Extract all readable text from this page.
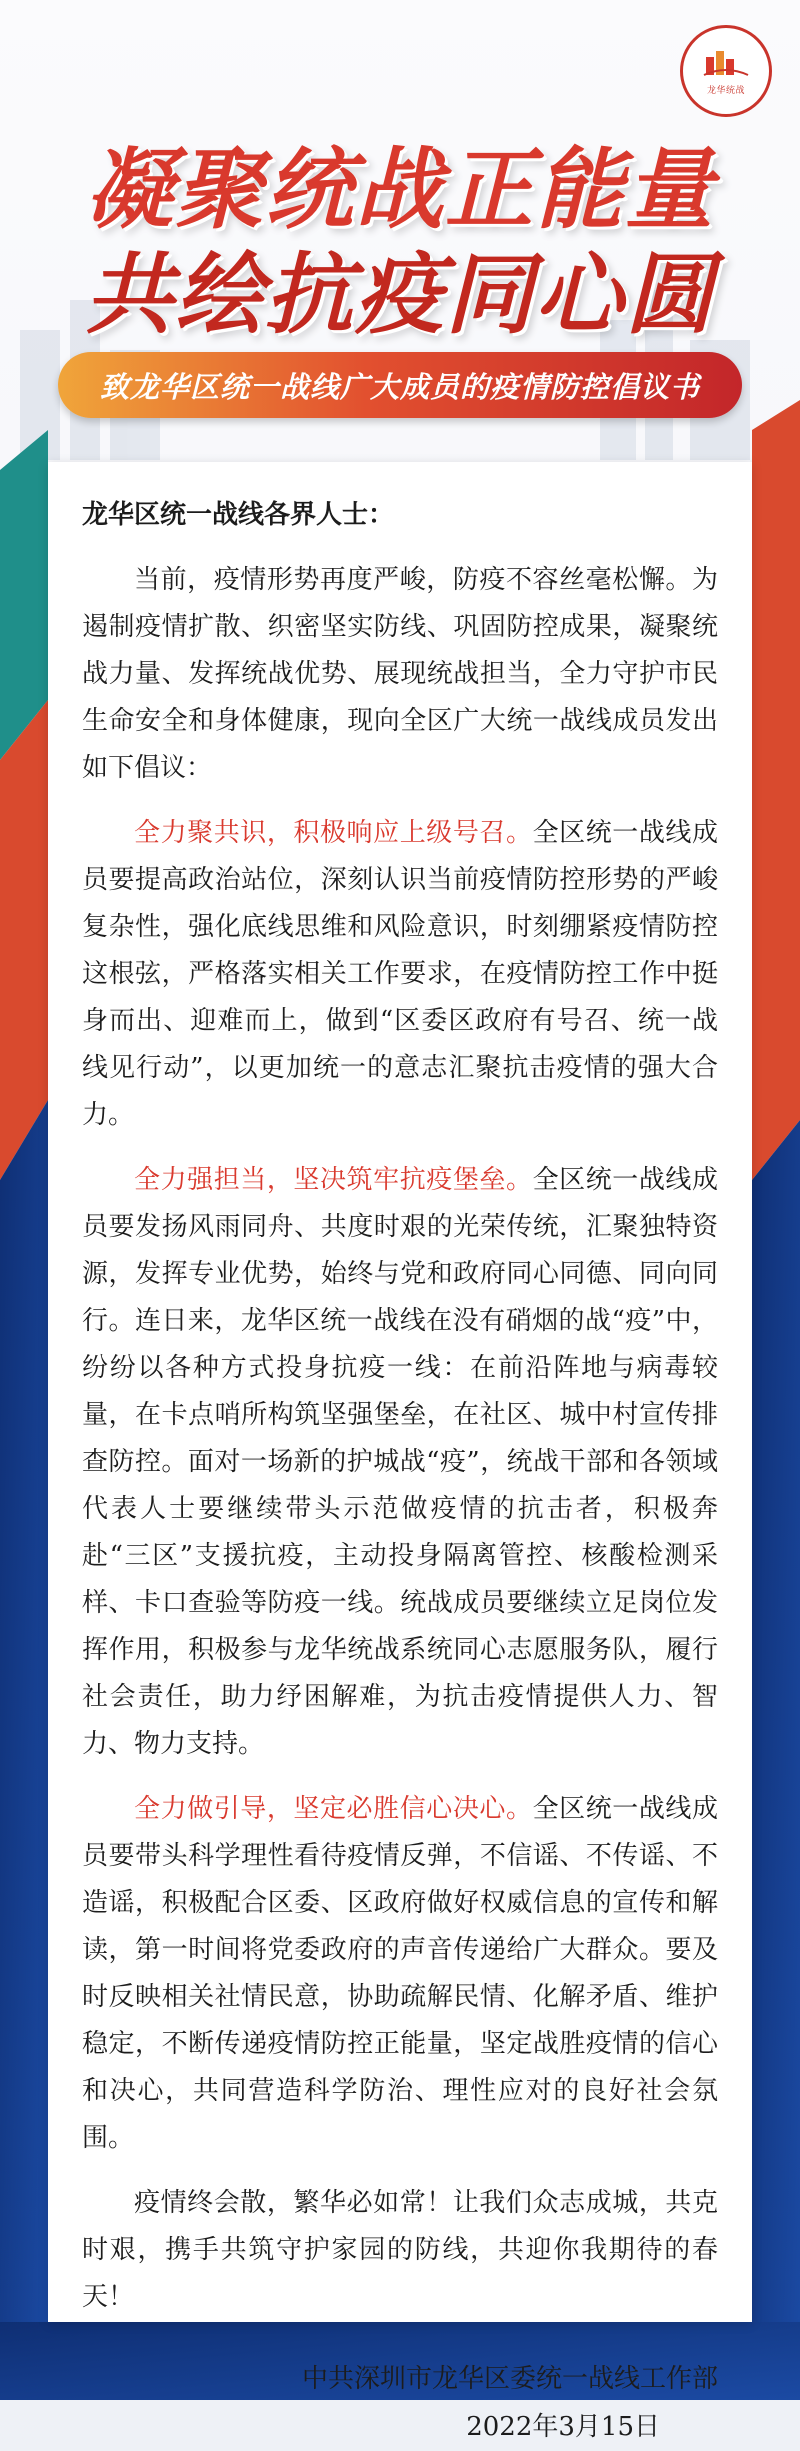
龙华统战
凝聚统战正能量
共绘抗疫同心圆
致龙华区统一战线广大成员的疫情防控倡议书

龙华区统一战线各界人士：

当前，疫情形势再度严峻，防疫不容丝毫松懈。为遏制疫情扩散、织密坚实防线、巩固防控成果，凝聚统战力量、发挥统战优势、展现统战担当，全力守护市民生命安全和身体健康，现向全区广大统一战线成员发出如下倡议：

全力聚共识，积极响应上级号召。全区统一战线成员要提高政治站位，深刻认识当前疫情防控形势的严峻复杂性，强化底线思维和风险意识，时刻绷紧疫情防控这根弦，严格落实相关工作要求，在疫情防控工作中挺身而出、迎难而上，做到“区委区政府有号召、统一战线见行动”，以更加统一的意志汇聚抗击疫情的强大合力。

全力强担当，坚决筑牢抗疫堡垒。全区统一战线成员要发扬风雨同舟、共度时艰的光荣传统，汇聚独特资源，发挥专业优势，始终与党和政府同心同德、同向同行。连日来，龙华区统一战线在没有硝烟的战“疫”中，纷纷以各种方式投身抗疫一线：在前沿阵地与病毒较量，在卡点哨所构筑坚强堡垒，在社区、城中村宣传排查防控。面对一场新的护城战“疫”，统战干部和各领域代表人士要继续带头示范做疫情的抗击者，积极奔赴“三区”支援抗疫，主动投身隔离管控、核酸检测采样、卡口查验等防疫一线。统战成员要继续立足岗位发挥作用，积极参与龙华统战系统同心志愿服务队，履行社会责任，助力纾困解难，为抗击疫情提供人力、智力、物力支持。

全力做引导，坚定必胜信心决心。全区统一战线成员要带头科学理性看待疫情反弹，不信谣、不传谣、不造谣，积极配合区委、区政府做好权威信息的宣传和解读，第一时间将党委政府的声音传递给广大群众。要及时反映相关社情民意，协助疏解民情、化解矛盾、维护稳定，不断传递疫情防控正能量，坚定战胜疫情的信心和决心，共同营造科学防治、理性应对的良好社会氛围。

疫情终会散，繁华必如常！让我们众志成城，共克时艰，携手共筑守护家园的防线，共迎你我期待的春天！

中共深圳市龙华区委统一战线工作部
2022年3月15日
